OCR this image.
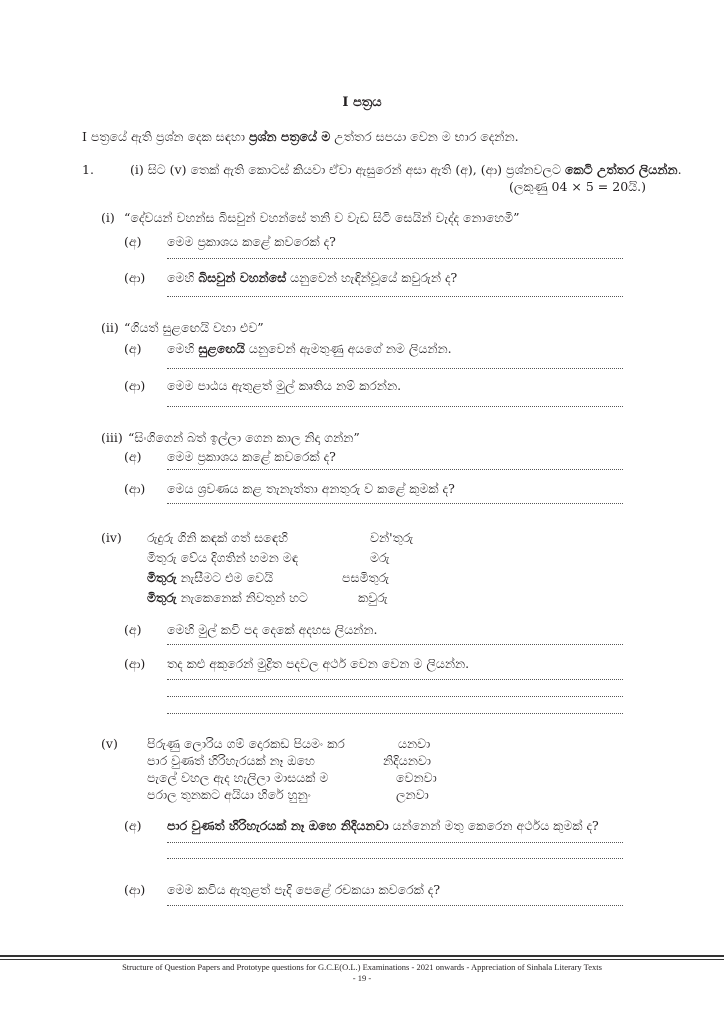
I පත්‍රය
I පත්‍රයේ ඇති ප්‍රශ්න දෙක සඳහා ප්‍රශ්න පත්‍රයේ ම උත්තර සපයා වෙන ම භාර දෙන්න.
1.	(i) සිට (v) තෙක් ඇති කොටස් කියවා ඒවා ඇසුරෙන් අසා ඇති (අ), (ආ) ප්‍රශ්නවලට කෙටි උත්තර ලියන්න.
(ලකුණු 04 × 5 = 20යි.)
(i) “දේවයන් වහන්ස බිසවුන් වහන්සේ තනි ව වැඩ සිටි සෙයින් වැද්ද නොහෙමි”
(අ) මෙම ප්‍රකාශය කළේ කවරෙක් ද?
(ආ) මෙහි බිසවුන් වහන්සේ යනුවෙන් හැඳින්වූයේ කවුරුන් ද?
(ii) “ගියත් සුළඟෙයි වහා එව”
(අ) මෙහි සුළඟෙයි යනුවෙන් ඇමතුණු අයගේ නම ලියන්න.
(ආ) මෙම පාඨය ඇතුළත් මුල් කෘතිය නම් කරන්න.
(iii) “සිංගිගෙන් බත් ඉල්ලා ගෙන කාල නිදා ගන්න”
(අ) මෙම ප්‍රකාශය කළේ කවරෙක් ද?
(ආ) මෙය ශ්‍රවණය කළ තැනැත්තා අනතුරු ව කළේ කුමක් ද?
(iv) රුදුරු ගිනි කඳක් ගත් සඳෙහි	වන්'තුරු
මිතුරු වේය දිගතින් හමන මඳ	මරු
මිතුරු නැසීමට එම වෙයි	පසමිතුරු
මිතුරු නැකෙනෙක් නිවතුන් හට	කවුරු
(අ) මෙහි මුල් කවි පද දෙකේ අදහස ලියන්න.
(ආ) තද කළු අකුරෙන් මුද්‍රිත පදවල අර්ථ වෙන වෙන ම ලියන්න.
(v) පිරුණු ලොරිය ගම් දොරකඩ පියමං කර	යනවා
පාර වුණත් හිරිහැරයක් නෑ ඔහෙ	නිදියනවා
පැලේ වහල ඇද හැලිලා මාසයක් ම	වෙනවා
පරාල තුනකට අයියා හිරේ හුනුං	ලනවා
(අ) පාර වුණත් හිරිහැරයක් නෑ ඔහෙ නිදියනවා යන්නෙන් මතු කෙරෙන අර්ථය කුමක් ද?
(ආ) මෙම කවිය ඇතුළත් පැදි පෙළේ රචකයා කවරෙක් ද?
Structure of Question Papers and Prototype questions for G.C.E(O.L.) Examinations - 2021 onwards - Appreciation of Sinhala Literary Texts
- 19 -
